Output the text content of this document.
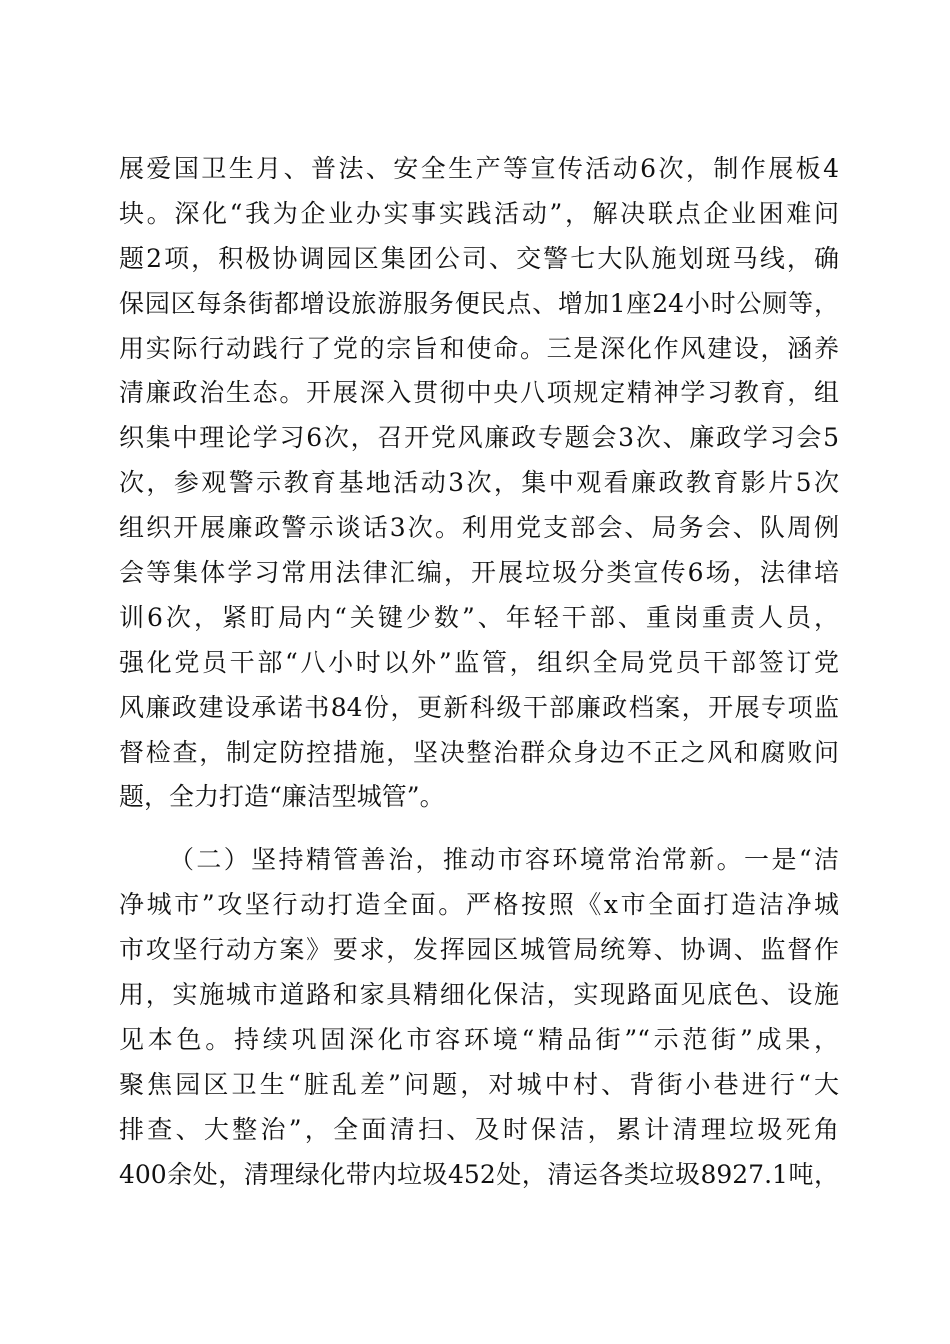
展爱国卫生月、普法、安全生产等宣传活动6次，制作展板4
块。深化“我为企业办实事实践活动”，解决联点企业困难问
题2项，积极协调园区集团公司、交警七大队施划斑马线，确
保园区每条街都增设旅游服务便民点、增加1座24小时公厕等，
用实际行动践行了党的宗旨和使命。三是深化作风建设，涵养
清廉政治生态。开展深入贯彻中央八项规定精神学习教育，组
织集中理论学习6次，召开党风廉政专题会3次、廉政学习会5
次，参观警示教育基地活动3次，集中观看廉政教育影片5次
组织开展廉政警示谈话3次。利用党支部会、局务会、队周例
会等集体学习常用法律汇编，开展垃圾分类宣传6场，法律培
训6次，紧盯局内“关键少数”、年轻干部、重岗重责人员，
强化党员干部“八小时以外”监管，组织全局党员干部签订党
风廉政建设承诺书84份，更新科级干部廉政档案，开展专项监
督检查，制定防控措施，坚决整治群众身边不正之风和腐败问
题，全力打造“廉洁型城管”。
（二）坚持精管善治，推动市容环境常治常新。一是“洁
净城市”攻坚行动打造全面。严格按照《x市全面打造洁净城
市攻坚行动方案》要求，发挥园区城管局统筹、协调、监督作
用，实施城市道路和家具精细化保洁，实现路面见底色、设施
见本色。持续巩固深化市容环境“精品街”“示范街”成果，
聚焦园区卫生“脏乱差”问题，对城中村、背街小巷进行“大
排查、大整治”，全面清扫、及时保洁，累计清理垃圾死角
400余处，清理绿化带内垃圾452处，清运各类垃圾8927.1吨，
